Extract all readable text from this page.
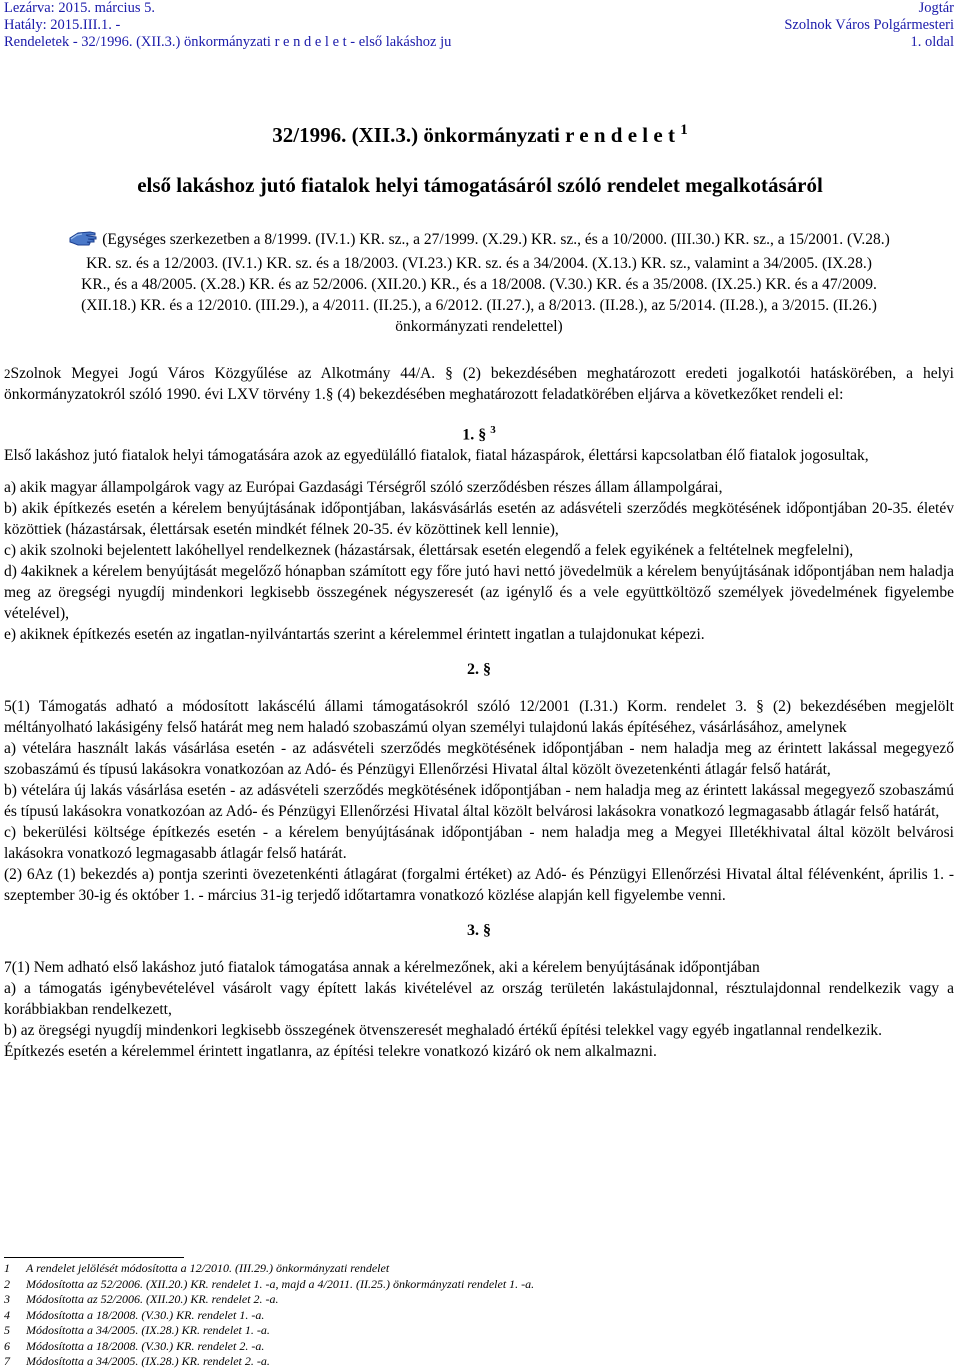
Lezárva: 2015. március 5.
Hatály: 2015.III.1. -
Rendeletek - 32/1996. (XII.3.) önkormányzati r e n d e l e t - első lakáshoz ju
Jogtár
Szolnok Város Polgármesteri
1. oldal
32/1996. (XII.3.) önkormányzati r e n d e l e t $^1$
első lakáshoz jutó fiatalok helyi támogatásáról szóló rendelet megalkotásáról
(Egységes szerkezetben a 8/1999. (IV.1.) KR. sz., a 27/1999. (X.29.) KR. sz., és a 10/2000. (III.30.) KR. sz., a 15/2001. (V.28.)
KR. sz. és a 12/2003. (IV.1.) KR. sz. és a 18/2003. (VI.23.) KR. sz. és a 34/2004. (X.13.) KR. sz., valamint a 34/2005. (IX.28.)
KR., és a 48/2005. (X.28.) KR. és az 52/2006. (XII.20.) KR., és a 18/2008. (V.30.) KR. és a 35/2008. (IX.25.) KR. és a 47/2009.
(XII.18.) KR. és a 12/2010. (III.29.), a 4/2011. (II.25.), a 6/2012. (II.27.), a 8/2013. (II.28.), az 5/2014. (II.28.), a 3/2015. (II.26.)
önkormányzati rendelettel)

2Szolnok Megyei Jogú Város Közgyűlése az Alkotmány 44/A. § (2) bekezdésében meghatározott eredeti jogalkotói hatáskörében, a helyi önkormányzatokról szóló 1990. évi LXV törvény 1.§ (4) bekezdésében meghatározott feladatkörében eljárva a következőket rendeli el:

1. § $^3$

Első lakáshoz jutó fiatalok helyi támogatására azok az egyedülálló fiatalok, fiatal házaspárok, élettársi kapcsolatban élő fiatalok jogosultak,

a) akik magyar állampolgárok vagy az Európai Gazdasági Térségről szóló szerződésben részes állam állampolgárai,

b) akik építkezés esetén a kérelem benyújtásának időpontjában, lakásvásárlás esetén az adásvételi szerződés megkötésének időpontjában 20-35. életév közöttiek (házastársak, élettársak esetén mindkét félnek 20-35. év közöttinek kell lennie),

c) akik szolnoki bejelentett lakóhellyel rendelkeznek (házastársak, élettársak esetén elegendő a felek egyikének a feltételnek megfelelni),

d) 4akiknek a kérelem benyújtását megelőző hónapban számított egy főre jutó havi nettó jövedelmük a kérelem benyújtásának időpontjában nem haladja meg az öregségi nyugdíj mindenkori legkisebb összegének négyszeresét (az igénylő és a vele együttköltöző személyek jövedelmének figyelembe vételével),

e) akiknek építkezés esetén az ingatlan-nyilvántartás szerint a kérelemmel érintett ingatlan a tulajdonukat képezi.

2. §

5(1) Támogatás adható a módosított lakáscélú állami támogatásokról szóló 12/2001 (I.31.) Korm. rendelet 3. § (2) bekezdésében megjelölt méltányolható lakásigény felső határát meg nem haladó szobaszámú olyan személyi tulajdonú lakás építéséhez, vásárlásához, amelynek

a) vételára használt lakás vásárlása esetén - az adásvételi szerződés megkötésének időpontjában - nem haladja meg az érintett lakással megegyező szobaszámú és típusú lakásokra vonatkozóan az Adó- és Pénzügyi Ellenőrzési Hivatal által közölt övezetenkénti átlagár felső határát,

b) vételára új lakás vásárlása esetén - az adásvételi szerződés megkötésének időpontjában - nem haladja meg az érintett lakással megegyező szobaszámú és típusú lakásokra vonatkozóan az Adó- és Pénzügyi Ellenőrzési Hivatal által közölt belvárosi lakásokra vonatkozó legmagasabb átlagár felső határát,

c) bekerülési költsége építkezés esetén - a kérelem benyújtásának időpontjában - nem haladja meg a Megyei Illetékhivatal által közölt belvárosi lakásokra vonatkozó legmagasabb átlagár felső határát.

(2) 6Az (1) bekezdés a) pontja szerinti övezetenkénti átlagárat (forgalmi értéket) az Adó- és Pénzügyi Ellenőrzési Hivatal által félévenként, április 1. - szeptember 30-ig és október 1. - március 31-ig terjedő időtartamra vonatkozó közlése alapján kell figyelembe venni.

3. §

7(1) Nem adható első lakáshoz jutó fiatalok támogatása annak a kérelmezőnek, aki a kérelem benyújtásának időpontjában

a) a támogatás igénybevételével vásárolt vagy épített lakás kivételével az ország területén lakástulajdonnal, résztulajdonnal rendelkezik vagy a korábbiakban rendelkezett,

b) az öregségi nyugdíj mindenkori legkisebb összegének ötvenszeresét meghaladó értékű építési telekkel vagy egyéb ingatlannal rendelkezik.

Építkezés esetén a kérelemmel érintett ingatlanra, az építési telekre vonatkozó kizáró ok nem alkalmazni.

1 A rendelet jelölését módosította a 12/2010. (III.29.) önkormányzati rendelet
2 Módosította az 52/2006. (XII.20.) KR. rendelet 1. -a, majd a 4/2011. (II.25.) önkormányzati rendelet 1. -a.
3 Módosította az 52/2006. (XII.20.) KR. rendelet 2. -a.
4 Módosította a 18/2008. (V.30.) KR. rendelet 1. -a.
5 Módosította a 34/2005. (IX.28.) KR. rendelet 1. -a.
6 Módosította a 18/2008. (V.30.) KR. rendelet 2. -a.
7 Módosította a 34/2005. (IX.28.) KR. rendelet 2. -a.
